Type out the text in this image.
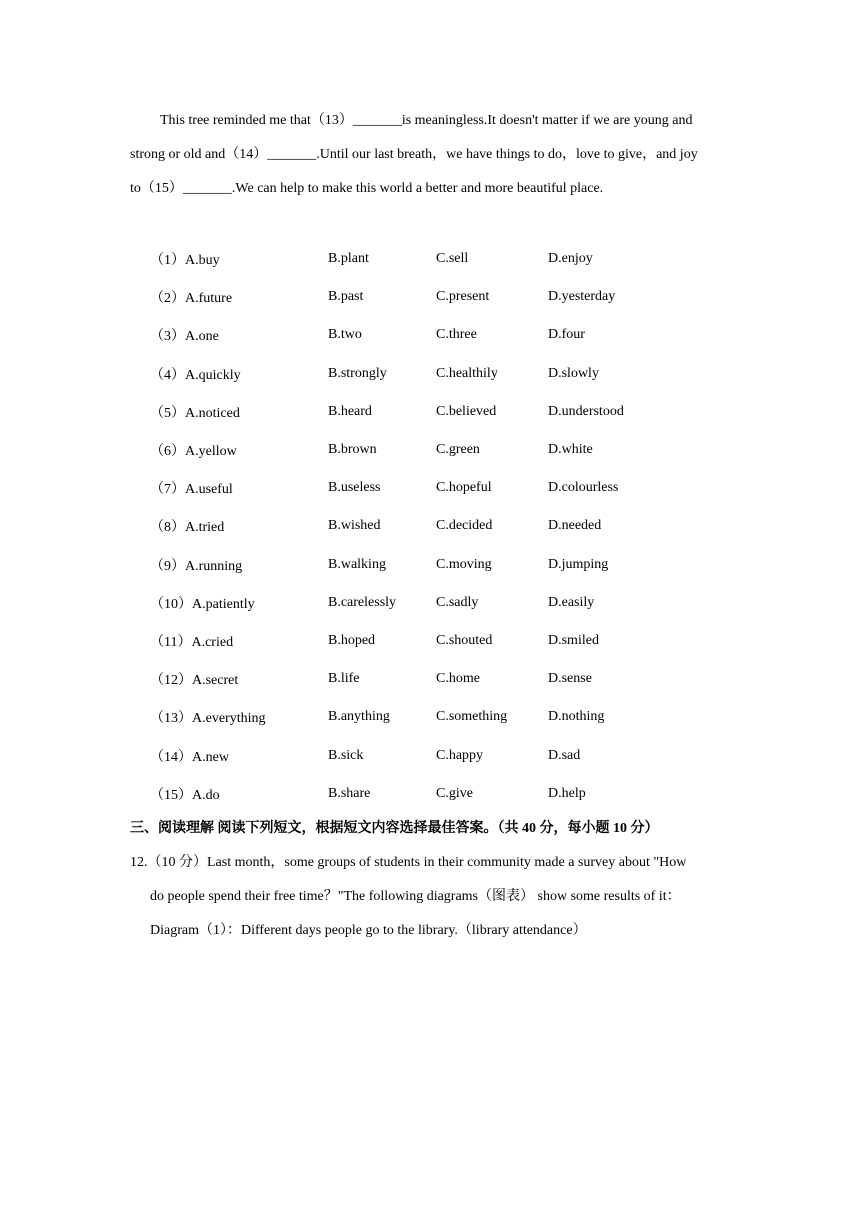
This tree reminded me that（13）_______is meaningless.It doesn't matter if we are young and
strong or old and（14）_______.Until our last breath，we have things to do，love to give，and joy
to（15）_______.We can help to make this world a better and more beautiful place.
（1）A.buy	B.plant	C.sell	D.enjoy
（2）A.future	B.past	C.present	D.yesterday
（3）A.one	B.two	C.three	D.four
（4）A.quickly	B.strongly	C.healthily	D.slowly
（5）A.noticed	B.heard	C.believed	D.understood
（6）A.yellow	B.brown	C.green	D.white
（7）A.useful	B.useless	C.hopeful	D.colourless
（8）A.tried	B.wished	C.decided	D.needed
（9）A.running	B.walking	C.moving	D.jumping
（10）A.patiently	B.carelessly	C.sadly	D.easily
（11）A.cried	B.hoped	C.shouted	D.smiled
（12）A.secret	B.life	C.home	D.sense
（13）A.everything	B.anything	C.something	D.nothing
（14）A.new	B.sick	C.happy	D.sad
（15）A.do	B.share	C.give	D.help
三、阅读理解 阅读下列短文，根据短文内容选择最佳答案。（共 40 分，每小题 10 分）
12.（10 分）Last month，some groups of students in their community made a survey about "How
do people spend their free time？"The following diagrams（图表） show some results of it：
Diagram（1）：Different days people go to the library.（library attendance）
